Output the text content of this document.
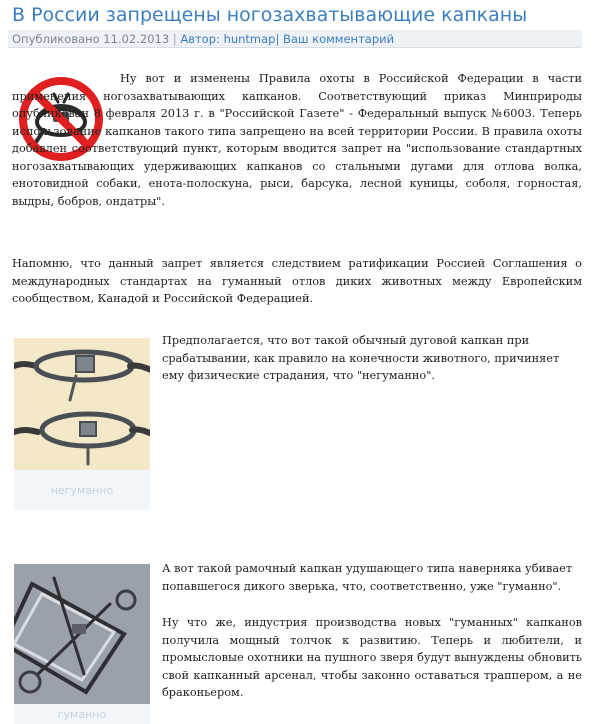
В России запрещены ногозахватывающие капканы
Опубликовано 11.02.2013 | Автор: huntmap| Ваш комментарий

Ну вот и изменены Правила охоты в Российской Федерации в части применения ногозахватывающих капканов. Соответствующий приказ Минприроды опубликован 8 февраля 2013 г. в "Российской Газете" - Федеральный выпуск №6003. Теперь использование капканов такого типа запрещено на всей территории России. В правила охоты добавлен соответствующий пункт, которым вводится запрет на "использование стандартных ногозахватывающих удерживающих капканов со стальными дугами для отлова волка, енотовидной собаки, енота-полоскуна, рыси, барсука, лесной куницы, соболя, горностая, выдры, бобров, ондатры".

Напомню, что данный запрет является следствием ратификации Россией Соглашения о международных стандартах на гуманный отлов диких животных между Европейским сообществом, Канадой и Российской Федерацией.

негуманно

Предполагается, что вот такой обычный дуговой капкан при срабатывании, как правило на конечности животного, причиняет ему физические страдания, что "негуманно".

гуманно

А вот такой рамочный капкан удушающего типа наверняка убивает попавшегося дикого зверька, что, соответственно, уже "гуманно".

Ну что же, индустрия производства новых "гуманных" капканов получила мощный толчок к развитию. Теперь и любители, и промысловые охотники на пушного зверя будут вынуждены обновить свой капканный арсенал, чтобы законно оставаться траппером, а не браконьером.
